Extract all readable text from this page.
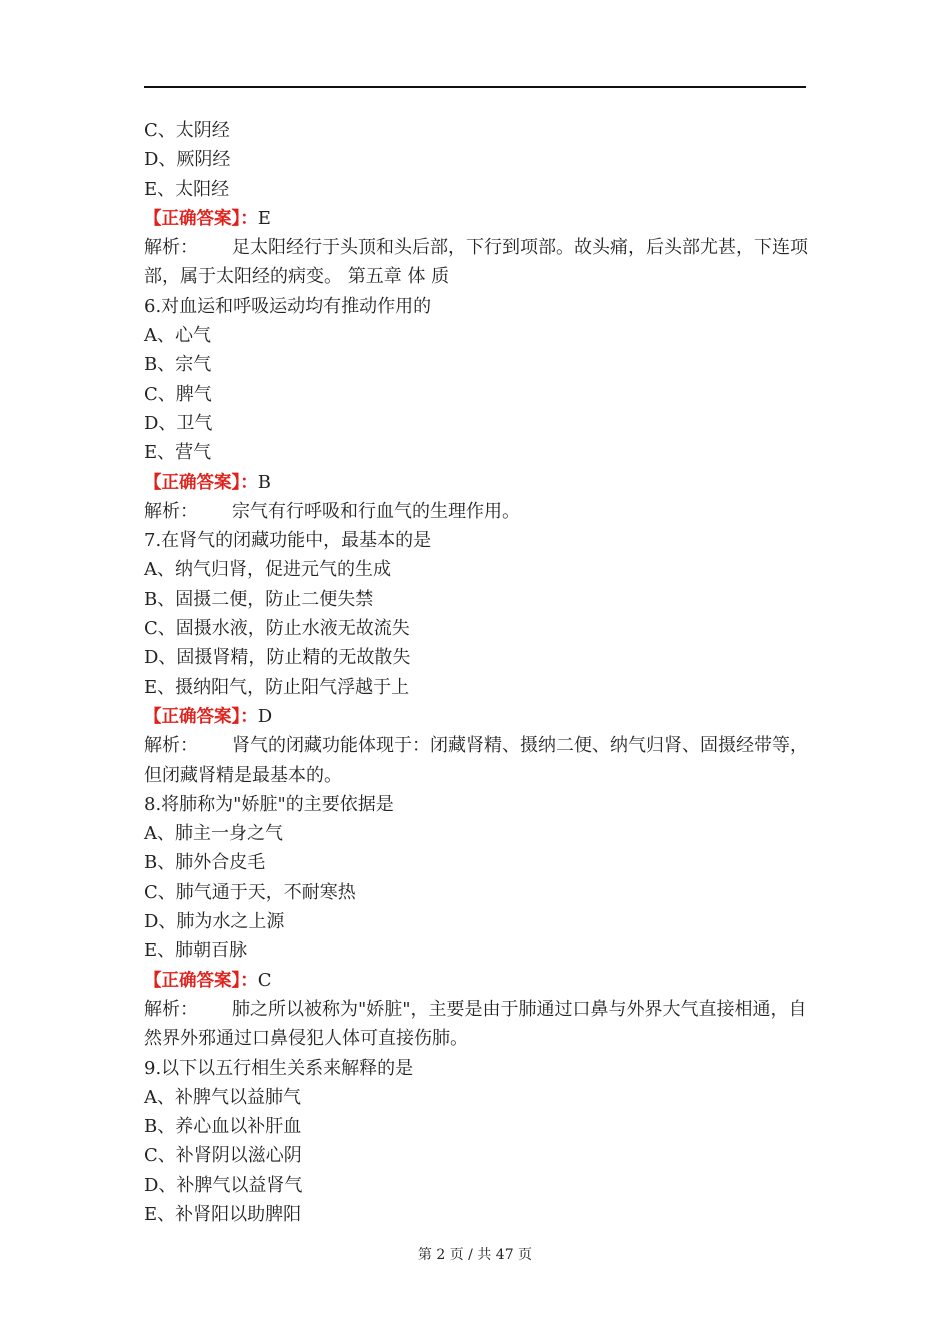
C、太阴经
D、厥阴经
E、太阳经
【正确答案】：E
解析： 足太阳经行于头顶和头后部，下行到项部。故头痛，后头部尤甚，下连项部，属于太阳经的病变。 第五章 体 质
6.对血运和呼吸运动均有推动作用的
A、心气
B、宗气
C、脾气
D、卫气
E、营气
【正确答案】：B
解析： 宗气有行呼吸和行血气的生理作用。
7.在肾气的闭藏功能中，最基本的是
A、纳气归肾，促进元气的生成
B、固摄二便，防止二便失禁
C、固摄水液，防止水液无故流失
D、固摄肾精，防止精的无故散失
E、摄纳阳气，防止阳气浮越于上
【正确答案】：D
解析： 肾气的闭藏功能体现于：闭藏肾精、摄纳二便、纳气归肾、固摄经带等，但闭藏肾精是最基本的。
8.将肺称为"娇脏"的主要依据是
A、肺主一身之气
B、肺外合皮毛
C、肺气通于天，不耐寒热
D、肺为水之上源
E、肺朝百脉
【正确答案】：C
解析： 肺之所以被称为"娇脏"，主要是由于肺通过口鼻与外界大气直接相通，自然界外邪通过口鼻侵犯人体可直接伤肺。
9.以下以五行相生关系来解释的是
A、补脾气以益肺气
B、养心血以补肝血
C、补肾阴以滋心阴
D、补脾气以益肾气
E、补肾阳以助脾阳
第 2 页 / 共 47 页
